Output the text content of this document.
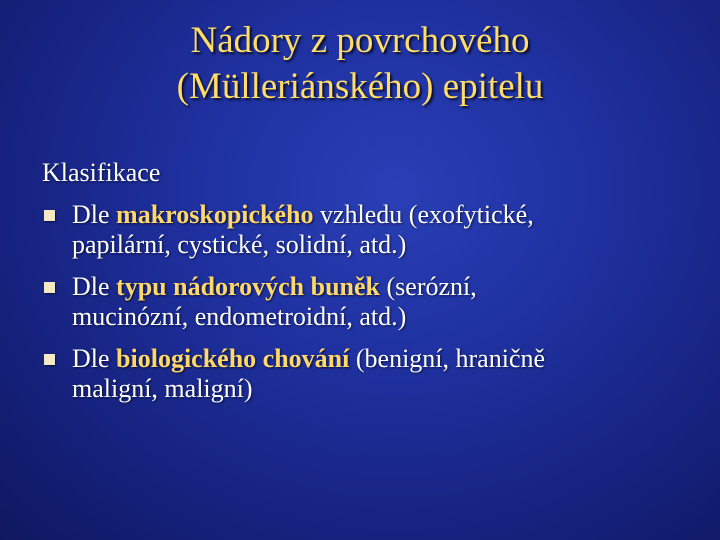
Nádory z povrchového
(Mülleriánského) epitelu
Klasifikace
Dle makroskopického vzhledu (exofytické,
papilární, cystické, solidní, atd.)
Dle typu nádorových buněk (serózní,
mucinózní, endometroidní, atd.)
Dle biologického chování (benigní, hraničně
maligní, maligní)
